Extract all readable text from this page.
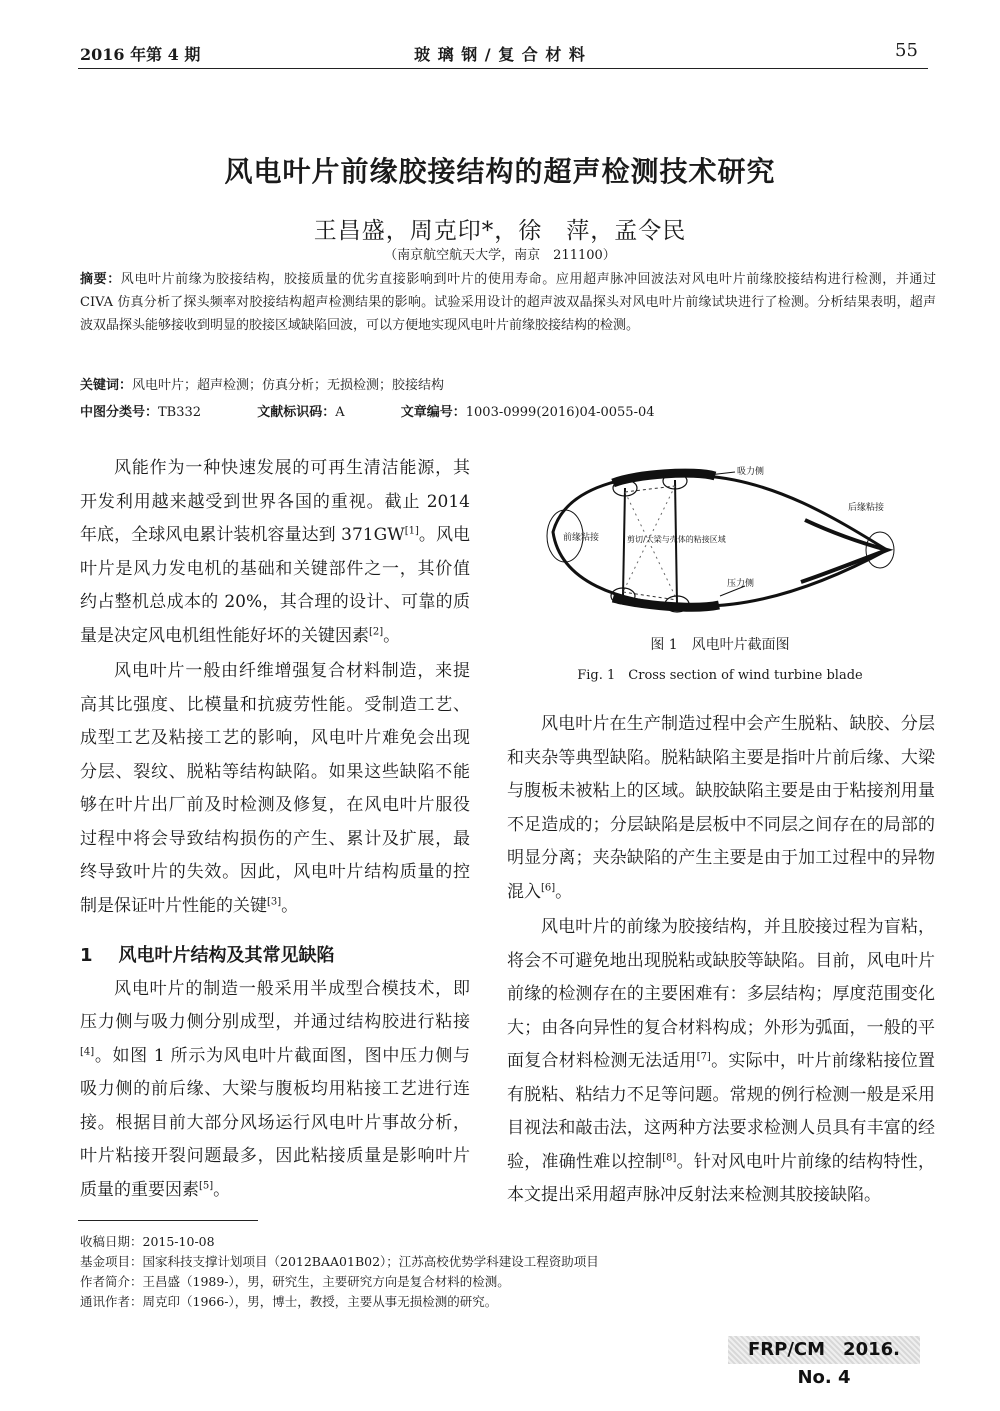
2016 年第 4 期	玻 璃 钢 / 复 合 材 料	55
风电叶片前缘胶接结构的超声检测技术研究
王昌盛，周克印*，徐　萍，孟令民
（南京航空航天大学，南京　211100）
摘要：风电叶片前缘为胶接结构，胶接质量的优劣直接影响到叶片的使用寿命。应用超声脉冲回波法对风电叶片前缘胶接结构进行检测，并通过 CIVA 仿真分析了探头频率对胶接结构超声检测结果的影响。试验采用设计的超声波双晶探头对风电叶片前缘试块进行了检测。分析结果表明，超声波双晶探头能够接收到明显的胶接区域缺陷回波，可以方便地实现风电叶片前缘胶接结构的检测。
关键词：风电叶片；超声检测；仿真分析；无损检测；胶接结构
中图分类号：TB332	文献标识码：A	文章编号：1003-0999(2016)04-0055-04

风能作为一种快速发展的可再生清洁能源，其开发利用越来越受到世界各国的重视。截止 2014 年底，全球风电累计装机容量达到 371GW[1]。风电叶片是风力发电机的基础和关键部件之一，其价值约占整机总成本的 20%，其合理的设计、可靠的质量是决定风电机组性能好坏的关键因素[2]。

风电叶片一般由纤维增强复合材料制造，来提高其比强度、比模量和抗疲劳性能。受制造工艺、成型工艺及粘接工艺的影响，风电叶片难免会出现分层、裂纹、脱粘等结构缺陷。如果这些缺陷不能够在叶片出厂前及时检测及修复，在风电叶片服役过程中将会导致结构损伤的产生、累计及扩展，最终导致叶片的失效。因此，风电叶片结构质量的控制是保证叶片性能的关键[3]。

1 风电叶片结构及其常见缺陷

风电叶片的制造一般采用半成型合模技术，即压力侧与吸力侧分别成型，并通过结构胶进行粘接[4]。如图 1 所示为风电叶片截面图，图中压力侧与吸力侧的前后缘、大梁与腹板均用粘接工艺进行连接。根据目前大部分风场运行风电叶片事故分析，叶片粘接开裂问题最多，因此粘接质量是影响叶片质量的重要因素[5]。

吸力侧
后缘粘接
前缘粘接	剪切/大梁与壳体的粘接区域
压力侧
图 1　风电叶片截面图
Fig. 1　Cross section of wind turbine blade

风电叶片在生产制造过程中会产生脱粘、缺胶、分层和夹杂等典型缺陷。脱粘缺陷主要是指叶片前后缘、大梁与腹板未被粘上的区域。缺胶缺陷主要是由于粘接剂用量不足造成的；分层缺陷是层板中不同层之间存在的局部的明显分离；夹杂缺陷的产生主要是由于加工过程中的异物混入[6]。

风电叶片的前缘为胶接结构，并且胶接过程为盲粘，将会不可避免地出现脱粘或缺胶等缺陷。目前，风电叶片前缘的检测存在的主要困难有：多层结构；厚度范围变化大；由各向异性的复合材料构成；外形为弧面，一般的平面复合材料检测无法适用[7]。实际中，叶片前缘粘接位置有脱粘、粘结力不足等问题。常规的例行检测一般是采用目视法和敲击法，这两种方法要求检测人员具有丰富的经验，准确性难以控制[8]。针对风电叶片前缘的结构特性，本文提出采用超声脉冲反射法来检测其胶接缺陷。

收稿日期：2015-10-08
基金项目：国家科技支撑计划项目（2012BAA01B02）；江苏高校优势学科建设工程资助项目
作者简介：王昌盛（1989-），男，研究生，主要研究方向是复合材料的检测。
通讯作者：周克印（1966-），男，博士，教授，主要从事无损检测的研究。
FRP/CM　2016. No. 4
